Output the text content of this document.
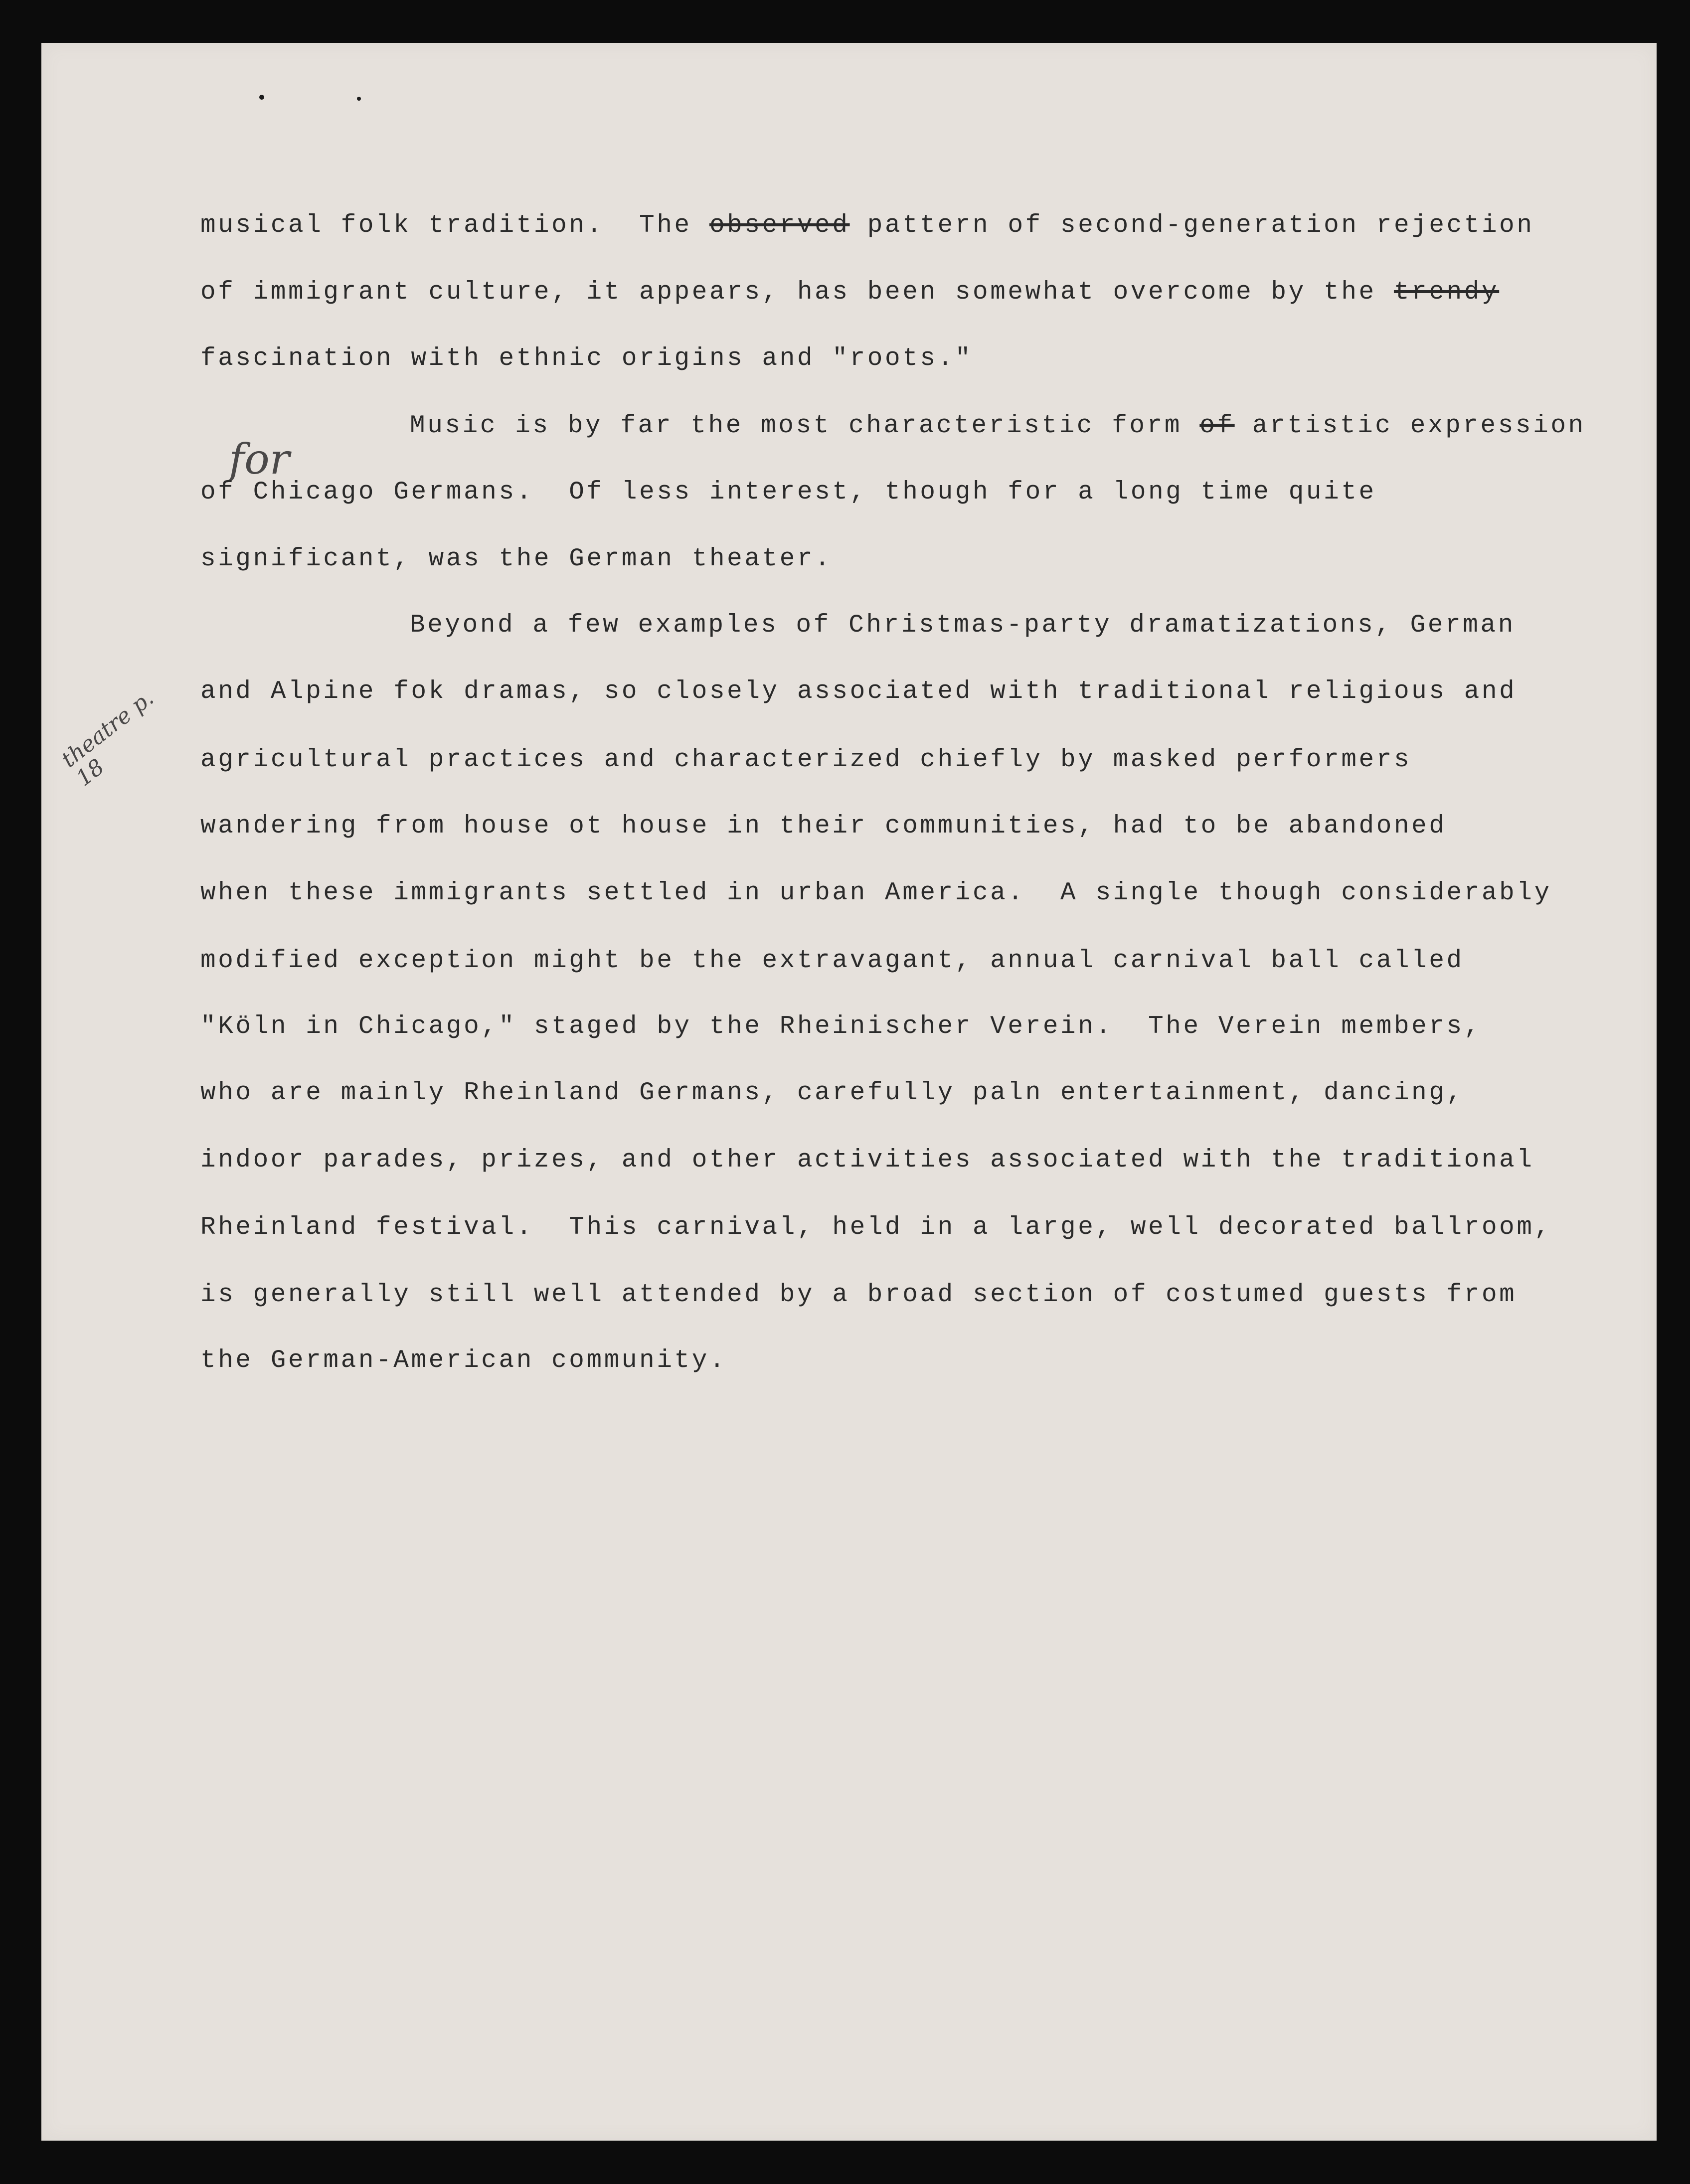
for
theatre p. 18

musical folk tradition.  The observed pattern of second-generation rejection

of immigrant culture, it appears, has been somewhat overcome by the trendy

fascination with ethnic origins and "roots."

Music is by far the most characteristic form of artistic expression

of Chicago Germans.  Of less interest, though for a long time quite

significant, was the German theater.

Beyond a few examples of Christmas-party dramatizations, German

and Alpine fok dramas, so closely associated with traditional religious and

agricultural practices and characterized chiefly by masked performers

wandering from house ot house in their communities, had to be abandoned

when these immigrants settled in urban America.  A single though considerably

modified exception might be the extravagant, annual carnival ball called

"Köln in Chicago," staged by the Rheinischer Verein.  The Verein members,

who are mainly Rheinland Germans, carefully paln entertainment, dancing,

indoor parades, prizes, and other activities associated with the traditional

Rheinland festival.  This carnival, held in a large, well decorated ballroom,

is generally still well attended by a broad section of costumed guests from

the German-American community.
